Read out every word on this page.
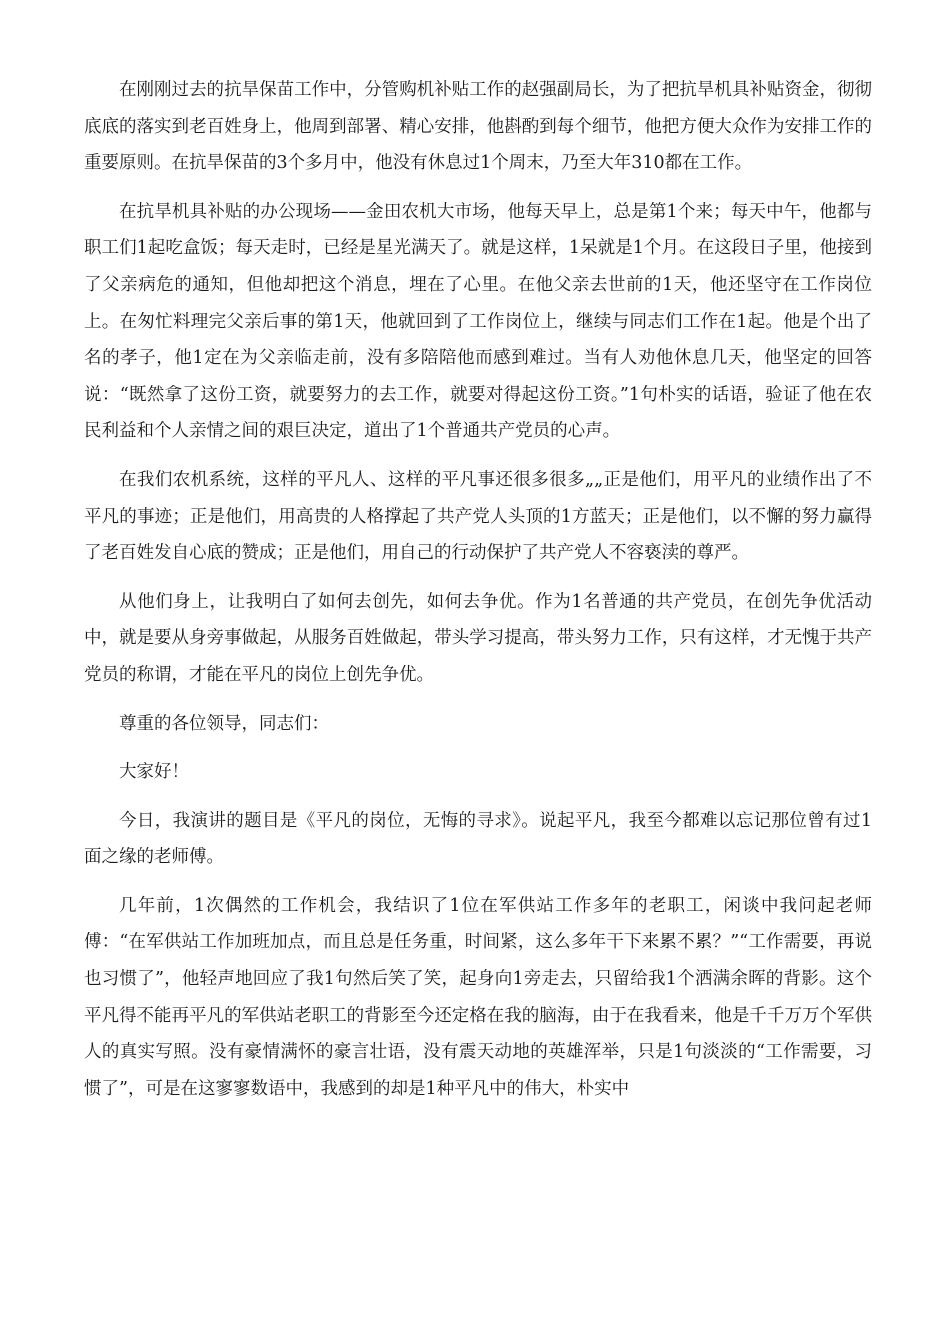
在刚刚过去的抗旱保苗工作中，分管购机补贴工作的赵强副局长，为了把抗旱机具补贴资金，彻彻底底的落实到老百姓身上，他周到部署、精心安排，他斟酌到每个细节，他把方便大众作为安排工作的重要原则。在抗旱保苗的3个多月中，他没有休息过1个周末，乃至大年310都在工作。

在抗旱机具补贴的办公现场——金田农机大市场，他每天早上，总是第1个来；每天中午，他都与职工们1起吃盒饭；每天走时，已经是星光满天了。就是这样，1呆就是1个月。在这段日子里，他接到了父亲病危的通知，但他却把这个消息，埋在了心里。在他父亲去世前的1天，他还坚守在工作岗位上。在匆忙料理完父亲后事的第1天，他就回到了工作岗位上，继续与同志们工作在1起。他是个出了名的孝子，他1定在为父亲临走前，没有多陪陪他而感到难过。当有人劝他休息几天，他坚定的回答说：“既然拿了这份工资，就要努力的去工作，就要对得起这份工资。”1句朴实的话语，验证了他在农民利益和个人亲情之间的艰巨决定，道出了1个普通共产党员的心声。

在我们农机系统，这样的平凡人、这样的平凡事还很多很多„„正是他们，用平凡的业绩作出了不平凡的事迹；正是他们，用高贵的人格撑起了共产党人头顶的1方蓝天；正是他们，以不懈的努力赢得了老百姓发自心底的赞成；正是他们，用自己的行动保护了共产党人不容亵渎的尊严。

从他们身上，让我明白了如何去创先，如何去争优。作为1名普通的共产党员，在创先争优活动中，就是要从身旁事做起，从服务百姓做起，带头学习提高，带头努力工作，只有这样，才无愧于共产党员的称谓，才能在平凡的岗位上创先争优。

尊重的各位领导，同志们：

大家好！

今日，我演讲的题目是《平凡的岗位，无悔的寻求》。说起平凡，我至今都难以忘记那位曾有过1面之缘的老师傅。

几年前，1次偶然的工作机会，我结识了1位在军供站工作多年的老职工，闲谈中我问起老师傅：“在军供站工作加班加点，而且总是任务重，时间紧，这么多年干下来累不累？”“工作需要，再说也习惯了”，他轻声地回应了我1句然后笑了笑，起身向1旁走去，只留给我1个洒满余晖的背影。这个平凡得不能再平凡的军供站老职工的背影至今还定格在我的脑海，由于在我看来，他是千千万万个军供人的真实写照。没有豪情满怀的豪言壮语，没有震天动地的英雄浑举，只是1句淡淡的“工作需要，习惯了”，可是在这寥寥数语中，我感到的却是1种平凡中的伟大，朴实中
